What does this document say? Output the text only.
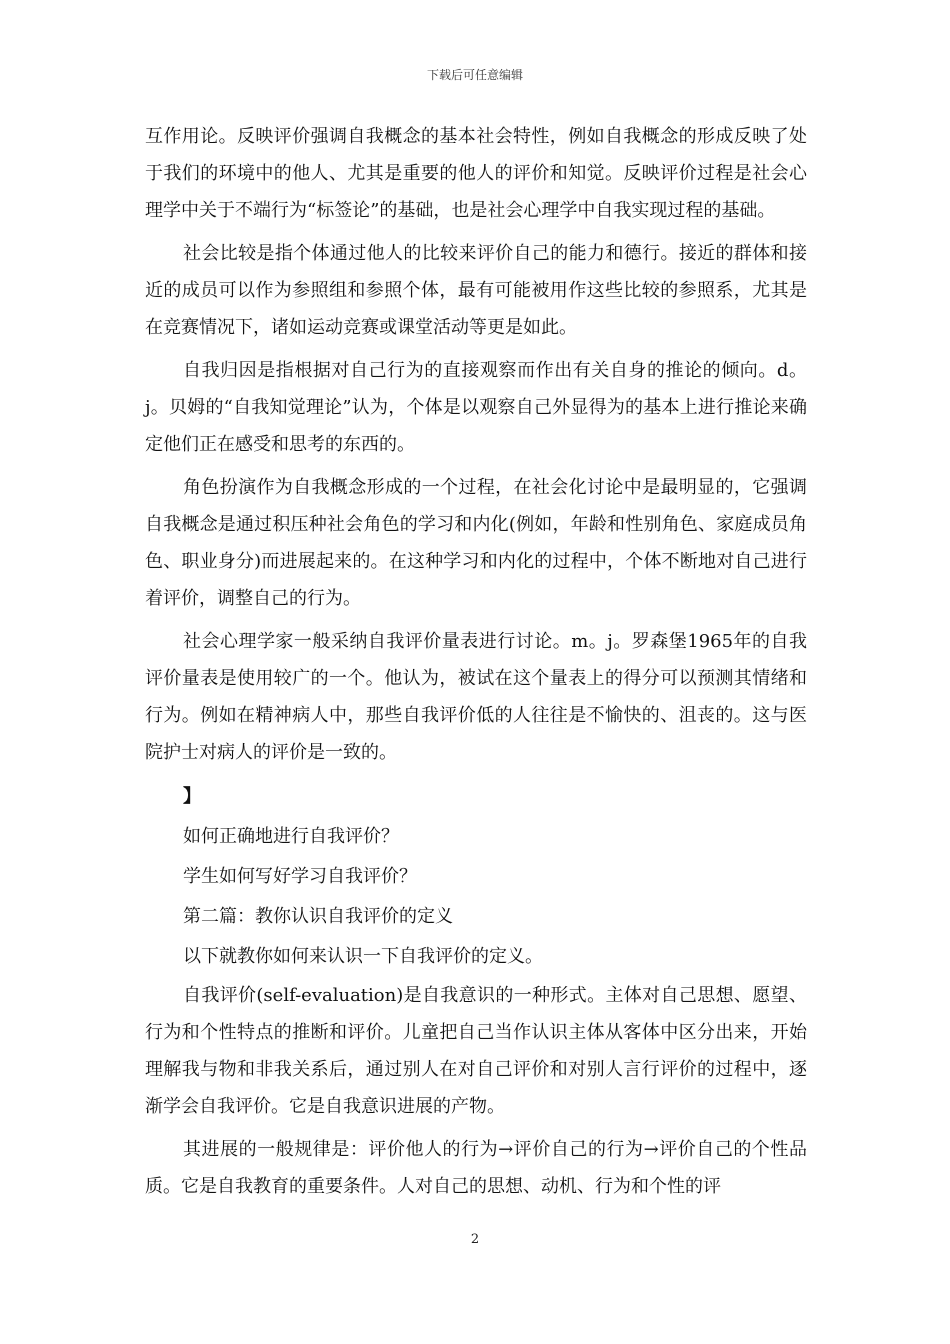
下载后可任意编辑

互作用论。反映评价强调自我概念的基本社会特性，例如自我概念的形成反映了处于我们的环境中的他人、尤其是重要的他人的评价和知觉。反映评价过程是社会心理学中关于不端行为“标签论”的基础，也是社会心理学中自我实现过程的基础。

社会比较是指个体通过他人的比较来评价自己的能力和德行。接近的群体和接近的成员可以作为参照组和参照个体，最有可能被用作这些比较的参照系，尤其是在竞赛情况下，诸如运动竞赛或课堂活动等更是如此。

自我归因是指根据对自己行为的直接观察而作出有关自身的推论的倾向。d。j。贝姆的“自我知觉理论”认为，个体是以观察自己外显得为的基本上进行推论来确定他们正在感受和思考的东西的。

角色扮演作为自我概念形成的一个过程，在社会化讨论中是最明显的，它强调自我概念是通过积压种社会角色的学习和内化(例如，年龄和性别角色、家庭成员角色、职业身分)而进展起来的。在这种学习和内化的过程中，个体不断地对自己进行着评价，调整自己的行为。

社会心理学家一般采纳自我评价量表进行讨论。m。j。罗森堡1965年的自我评价量表是使用较广的一个。他认为，被试在这个量表上的得分可以预测其情绪和行为。例如在精神病人中，那些自我评价低的人往往是不愉快的、沮丧的。这与医院护士对病人的评价是一致的。

】

如何正确地进行自我评价？

学生如何写好学习自我评价？

第二篇：教你认识自我评价的定义

以下就教你如何来认识一下自我评价的定义。

自我评价(self-evaluation)是自我意识的一种形式。主体对自己思想、愿望、行为和个性特点的推断和评价。儿童把自己当作认识主体从客体中区分出来，开始理解我与物和非我关系后，通过别人在对自己评价和对别人言行评价的过程中，逐渐学会自我评价。它是自我意识进展的产物。

其进展的一般规律是：评价他人的行为→评价自己的行为→评价自己的个性品质。它是自我教育的重要条件。人对自己的思想、动机、行为和个性的评

2
